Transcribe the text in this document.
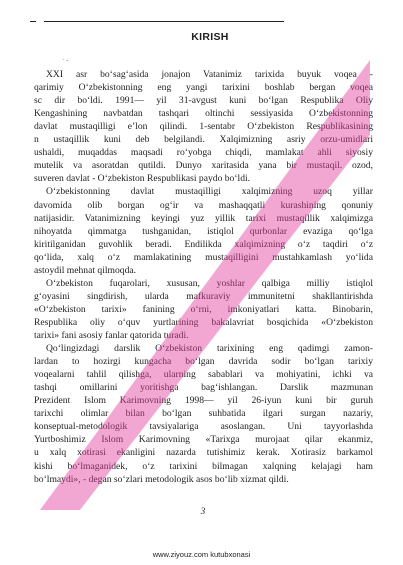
KIRISH
· ‐
XXI asr bo‘sag‘asida jonajon Vatanimiz tarixida buyuk voqea -
qarimiy O‘zbekistonning eng yangi tarixini boshlab bergan voqea
sc dir bo‘ldi. 1991— yil 31-avgust kuni bo‘lgan Respublika Oliy
Kengashining navbatdan tashqari oltinchi sessiyasida O‘zbekistonning
davlat mustaqilligi e’lon qilindi. 1-sentabr O‘zbekiston Respublikasining
n ustaqillik kuni deb belgilandi. Xalqimizning asriy orzu-umidlari
ushaldi, muqaddas maqsadi ro‘yobga chiqdi, mamlakat ahli siyosiy
mutelik va asoratdan qutildi. Dunyo xaritasida yana bir mustaqil. ozod,
suveren davlat - O‘zbekiston Respublikasi paydo bo‘ldi.
O‘zbekistonning davlat mustaqilligi xalqimizning uzoq yillar
davomida olib borgan og‘ir va mashaqqatli kurashining qonuniy
natijasidir. Vatanimizning keyingi yuz yillik tarixi mustaqillik xalqimizga
nihoyatda qimmatga tushganidan, istiqlol qurbonlar evaziga qo‘lga
kiritilganidan guvohlik beradi. Endilikda xalqimizning o‘z taqdiri o‘z
qo‘lida, xalq o‘z mamlakatining mustaqilligini mustahkamlash yo‘lida
astoydil mehnat qilmoqda.
O‘zbekiston fuqarolari, xususan, yoshlar qalbiga milliy istiqlol
g‘oyasini singdirish, ularda mafkuraviy immunitetni shakllantirishda
«O‘zbekiston tarixi» fanining o‘rni, imkoniyatlari katta. Binobarin,
Respublika oliy o‘quv yurtlarining bakalavriat bosqichida «O‘zbekiston
tarixi» fani asosiy fanlar qatorida turadi.
Qo‘lingizdagi darslik O‘zbekiston tarixining eng qadimgi zamon-
lardan to hozirgi kungacha bo‘lgan davrida sodir bo‘lgan tarixiy
voqealarni tahlil qilishga, ularning sabablari va mohiyatini, ichki va
tashqi omillarini yoritishga bag‘ishlangan. Darslik mazmunan
Prezident Islom Karimovning 1998— yil 26-iyun kuni bir guruh
tarixchi olimlar bilan bo‘lgan suhbatida ilgari surgan nazariy,
konseptual-metodologik tavsiyalariga asoslangan. Uni tayyorlashda
Yurtboshimiz Islom Karimovning «Tarixga murojaat qilar ekanmiz,
u xalq xotirasi ekanligini nazarda tutishimiz kerak. Xotirasiz barkamol
kishi bo‘lmaganidek, o‘z tarixini bilmagan xalqning kelajagi ham
bo‘lmaydi», - degan so‘zlari metodologik asos bo‘lib xizmat qildi.
3
www.ziyouz.com kutubxonasi
